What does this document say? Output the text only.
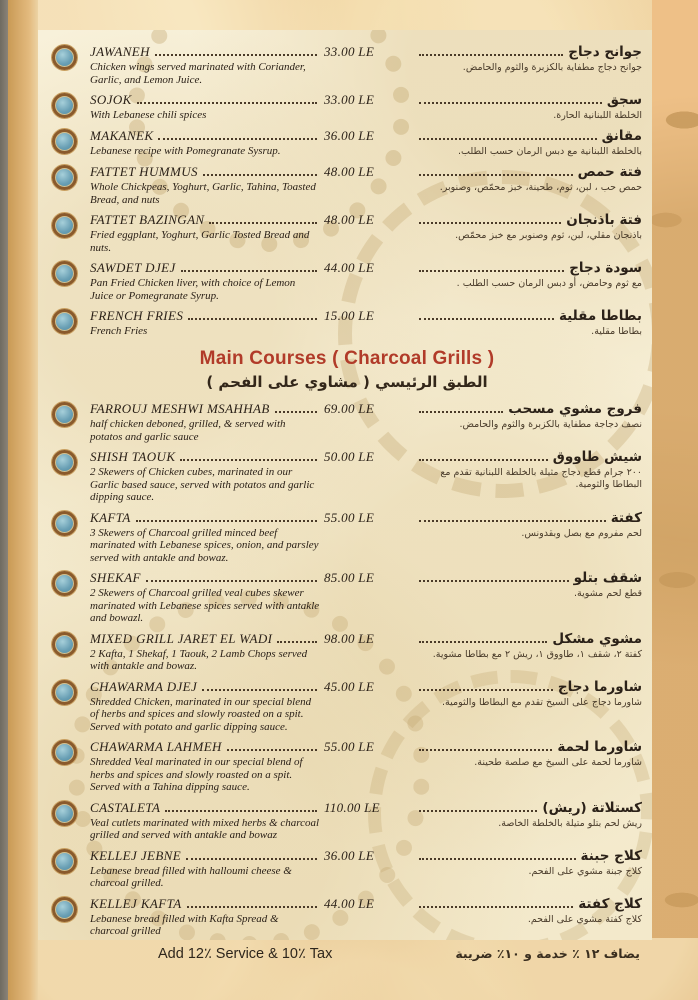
JAWANEH
Chicken wings served marinated with Coriander, Garlic, and Lemon Juice.
33.00 LE	جوانح دجاج
جوانح دجاج مطفاية بالكزبرة والثوم والحامض.
SOJOK
With Lebanese chili spices
33.00 LE	سجق
الخلطة اللبنانية الحارة.
MAKANEK
Lebanese recipe with Pomegranate Sysrup.
36.00 LE	مقانق
بالخلطة اللبنانية مع دبس الرمان حسب الطلب.
FATTET HUMMUS
Whole Chickpeas, Yoghurt, Garlic, Tahina, Toasted Bread, and nuts
48.00 LE	فتة حمص
حمص حب ، لبن، ثوم، طحينة، خبز محمّص، وصنوبر.
FATTET BAZINGAN
Fried eggplant, Yoghurt, Garlic Tosted Bread and nuts.
48.00 LE	فتة باذنجان
باذنجان مقلي، لبن، ثوم وصنوبر مع خبز محمّص.
SAWDET DJEJ
Pan Fried Chicken liver, with choice of Lemon Juice or Pomegranate Syrup.
44.00 LE	سودة دجاج
مع ثوم وحامض، أو دبس الرمان حسب الطلب .
FRENCH FRIES
French Fries
15.00 LE	بطاطا مقلية
بطاطا مقلية.
Main Courses ( Charcoal Grills )
الطبق الرئيسي ( مشاوي على الفحم )
FARROUJ MESHWI MSAHHAB
half chicken deboned, grilled, & served with potatos and garlic sauce
69.00 LE	فروج مشوي مسحب
نصف دجاجة مطفاية بالكزبرة والثوم والحامض.
SHISH TAOUK
2 Skewers of Chicken cubes, marinated in our Garlic based sauce, served with potatos and garlic dipping sauce.
50.00 LE	شيش طاووق
٢٠٠ جرام قطع دجاج مثيلة بالخلطة اللبنانية تقدم مع البطاطا والثومية.
KAFTA
3 Skewers of Charcoal grilled minced beef marinated with Lebanese spices, onion, and parsley served with antakle and bowaz.
55.00 LE	كفتة
لحم مفروم مع بصل وبقدونس.
SHEKAF
2 Skewers of Charcoal grilled veal cubes skewer marinated with Lebanese spices served with antakle and bowazl.
85.00 LE	شقف بتلو
قطع لحم مشوية.
MIXED GRILL JARET EL WADI
2 Kafta, 1 Shekaf, 1 Taouk, 2 Lamb Chops served with antakle and bowaz.
98.00 LE	مشوي مشكل
كفتة ٢، شقف ١، طاووق ١، ريش ٢ مع بطاطا مشوية.
CHAWARMA DJEJ
Shredded Chicken, marinated in our special blend of herbs and spices and slowly roasted on a spit. Served with potato and garlic dipping sauce.
45.00 LE	شاورما دجاج
شاورما دجاج على السيخ تقدم مع البطاطا والثومية.
CHAWARMA LAHMEH
Shredded Veal marinated in our special blend of herbs and spices and slowly roasted on a spit. Served with a Tahina dipping sauce.
55.00 LE	شاورما لحمة
شاورما لحمة على السيخ مع صلصة طحينة.
CASTALETA
Veal cutlets marinated with mixed herbs & charcoal grilled and served with antakle and bowaz
110.00 LE	كستلاتة (ريش)
ريش لحم بتلو متيلة بالخلطة الخاصة.
KELLEJ JEBNE
Lebanese bread filled with halloumi cheese & charcoal grilled.
36.00 LE	كلاج جبنة
كلاج جبنة مشوي على الفحم.
KELLEJ KAFTA
Lebanese bread filled with Kafta Spread & charcoal grilled
44.00 LE	كلاج كفتة
كلاج كفتة مشوي على الفحم.
Add 12٪ Service & 10٪ Tax	يضاف ١٢ ٪ خدمة و ١٠٪ ضريبة
